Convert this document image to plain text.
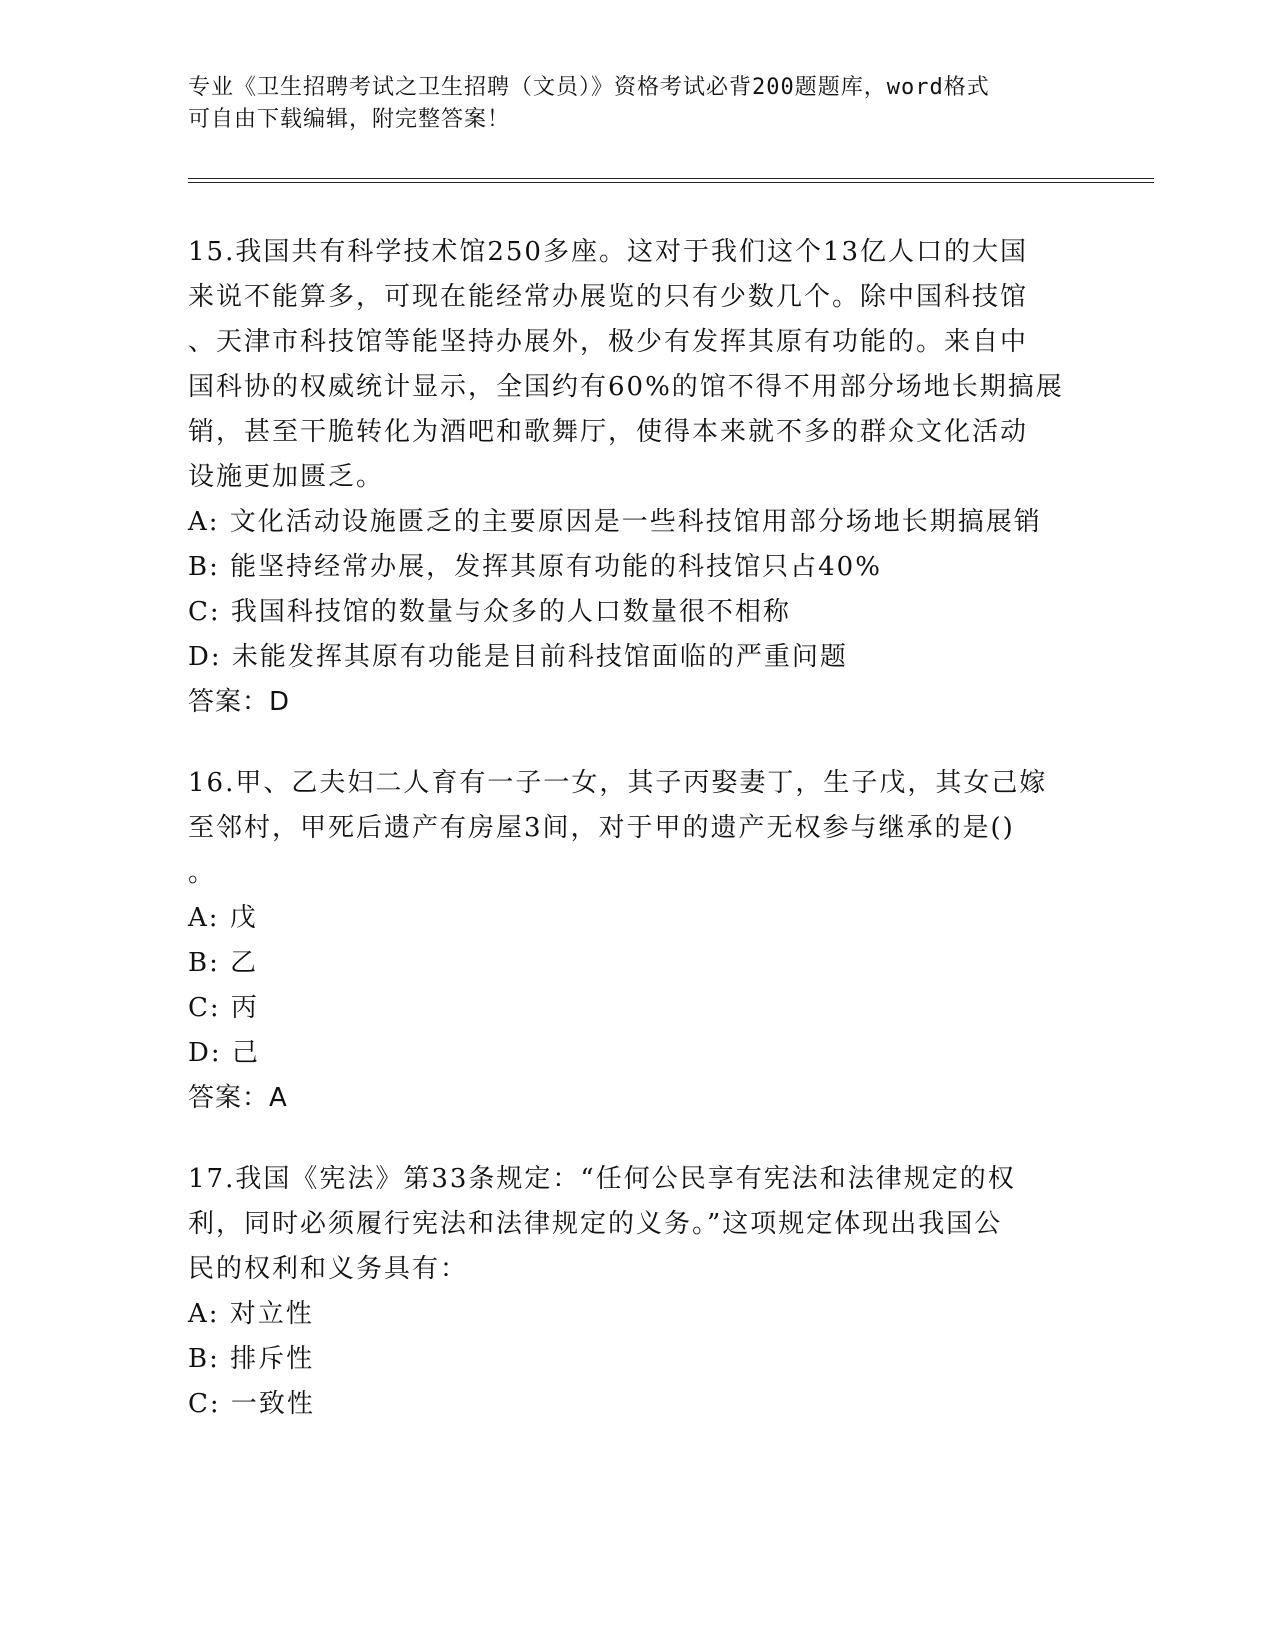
专业《卫生招聘考试之卫生招聘（文员）》资格考试必背200题题库，word格式

可自由下载编辑，附完整答案！

15.我国共有科学技术馆250多座。这对于我们这个13亿人口的大国
来说不能算多，可现在能经常办展览的只有少数几个。除中国科技馆
、天津市科技馆等能坚持办展外，极少有发挥其原有功能的。来自中
国科协的权威统计显示，全国约有60%的馆不得不用部分场地长期搞展
销，甚至干脆转化为酒吧和歌舞厅，使得本来就不多的群众文化活动
设施更加匮乏。
A: 文化活动设施匮乏的主要原因是一些科技馆用部分场地长期搞展销
B: 能坚持经常办展，发挥其原有功能的科技馆只占40%
C: 我国科技馆的数量与众多的人口数量很不相称
D: 未能发挥其原有功能是目前科技馆面临的严重问题
答案：D
16.甲、乙夫妇二人育有一子一女，其子丙娶妻丁，生子戊，其女己嫁
至邻村，甲死后遗产有房屋3间，对于甲的遗产无权参与继承的是()
。
A: 戊
B: 乙
C: 丙
D: 己
答案：A
17.我国《宪法》第33条规定：“任何公民享有宪法和法律规定的权
利，同时必须履行宪法和法律规定的义务。”这项规定体现出我国公
民的权利和义务具有：
A: 对立性
B: 排斥性
C: 一致性
